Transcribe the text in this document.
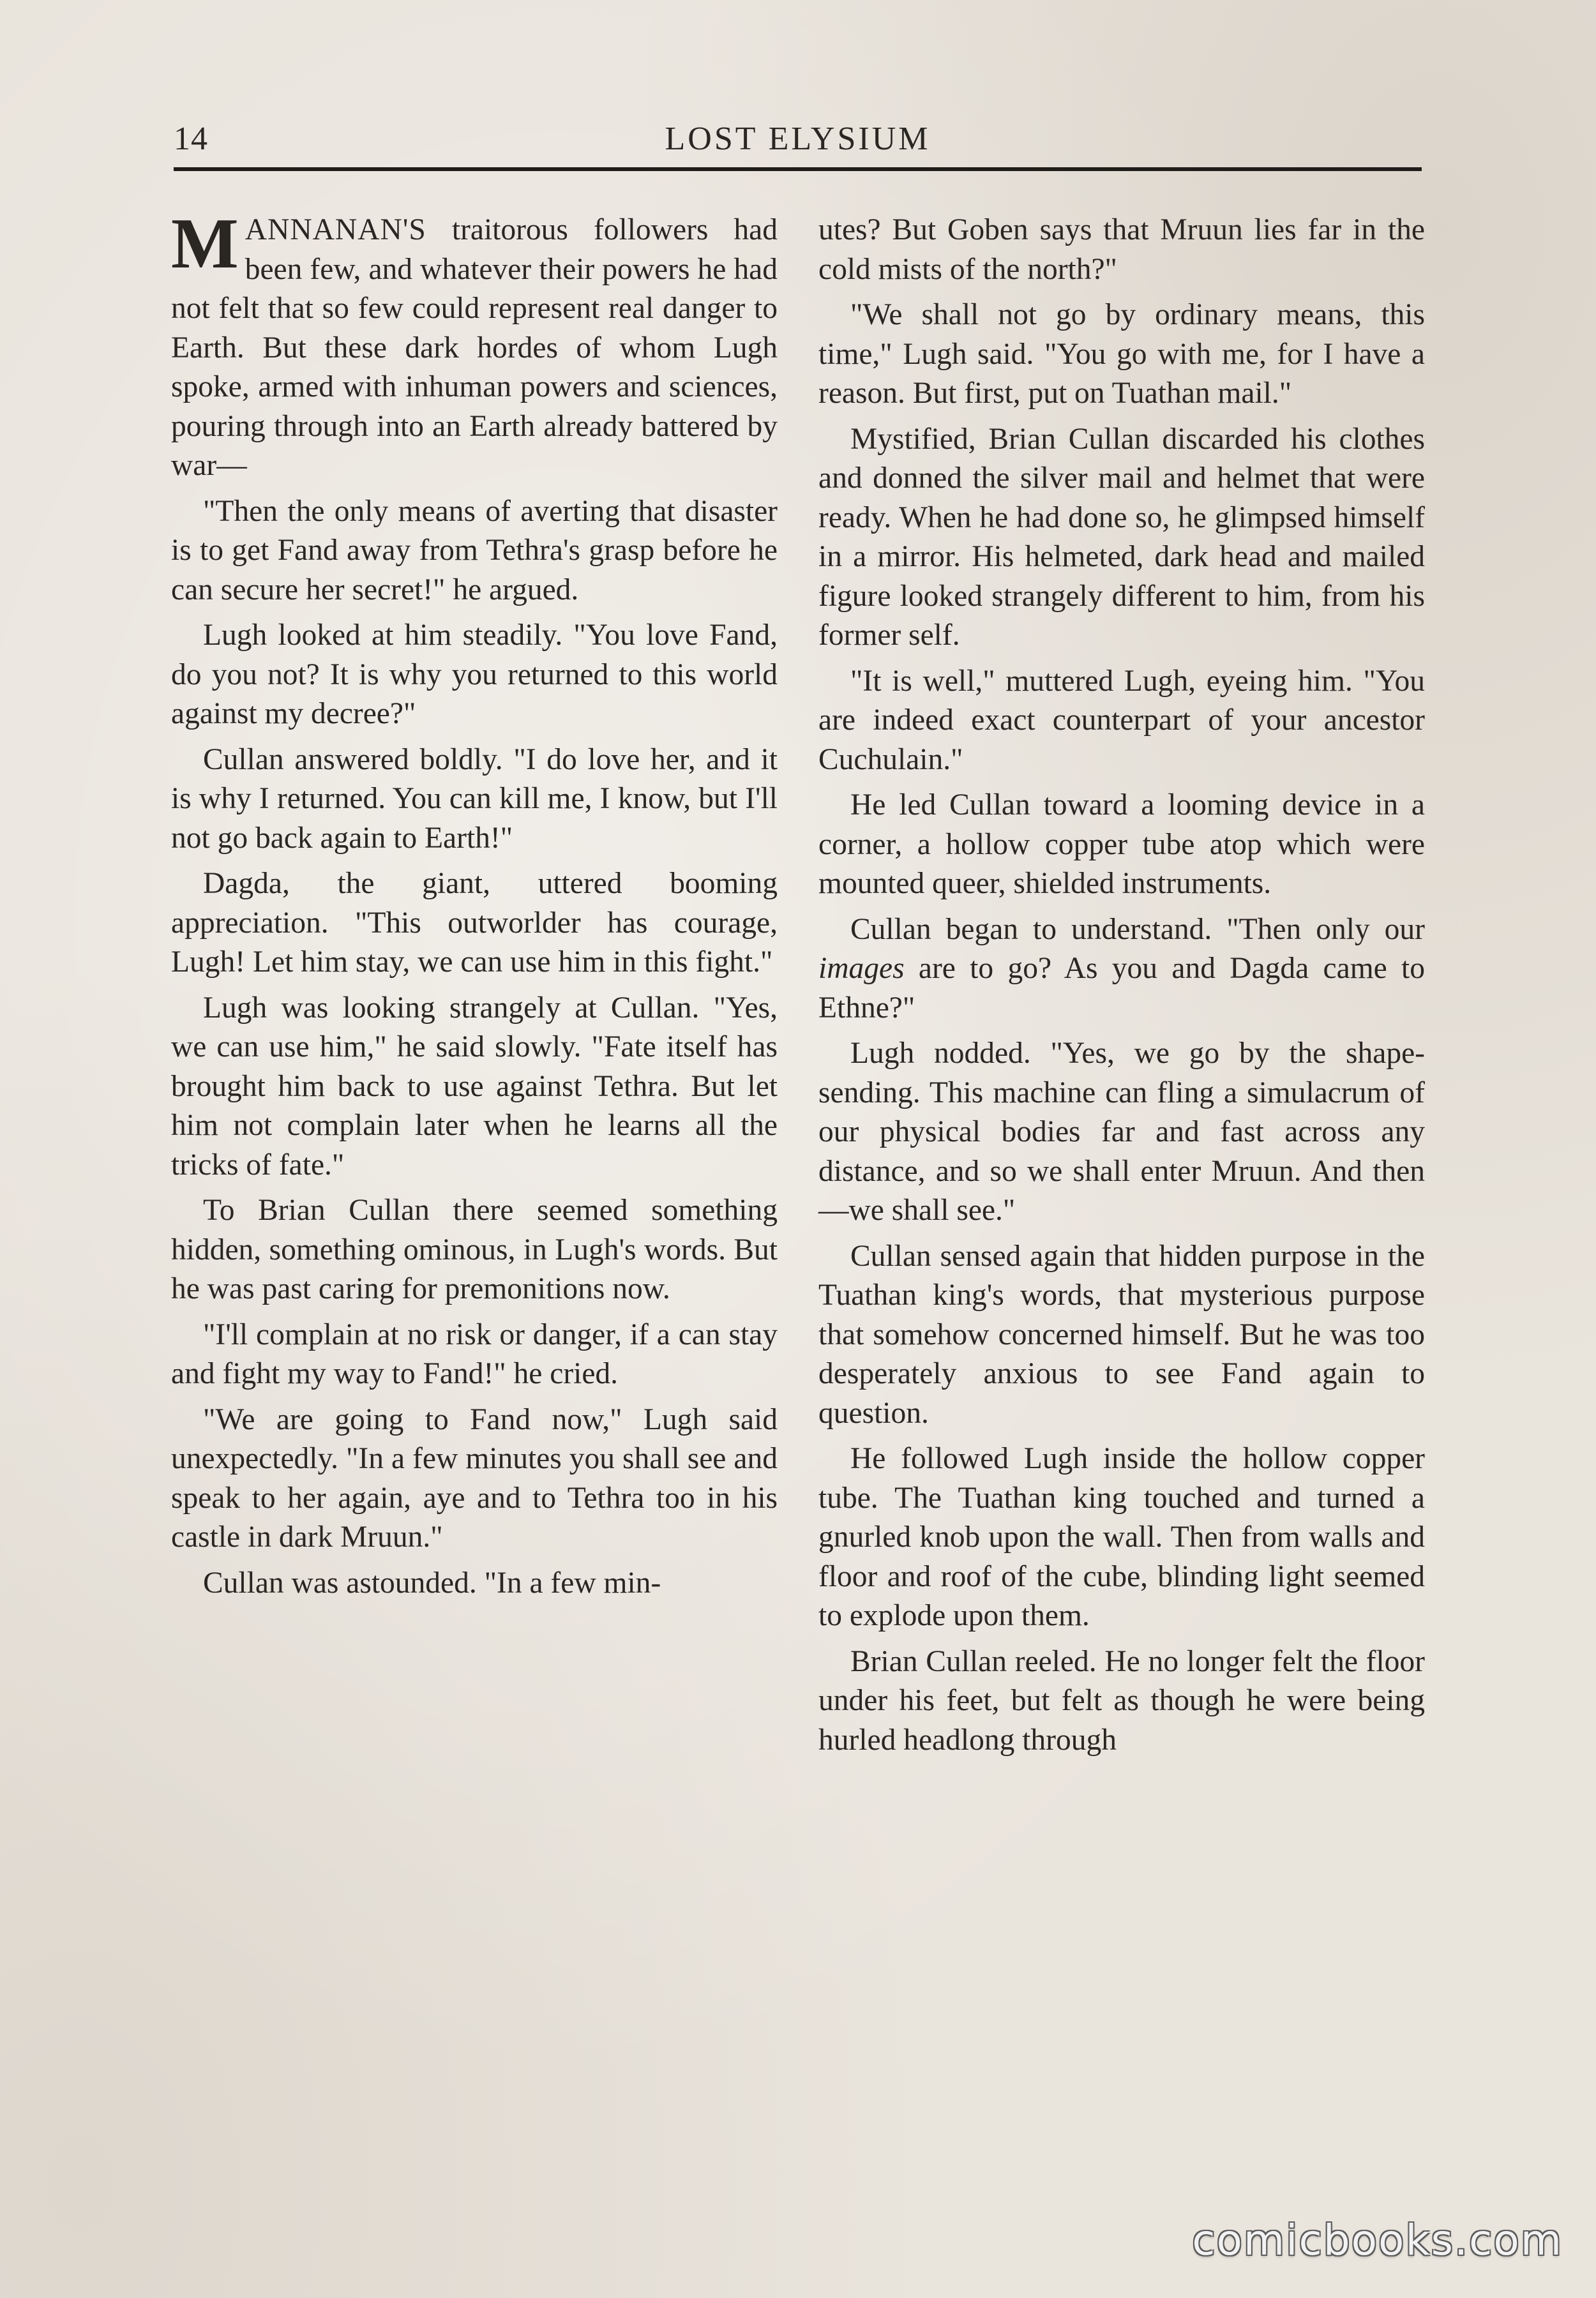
14	LOST ELYSIUM

MANNANAN'S traitorous followers had been few, and whatever their powers he had not felt that so few could represent real danger to Earth. But these dark hordes of whom Lugh spoke, armed with inhuman powers and sciences, pouring through into an Earth already battered by war—

"Then the only means of averting that disaster is to get Fand away from Tethra's grasp before he can secure her secret!" he argued.

Lugh looked at him steadily. "You love Fand, do you not? It is why you returned to this world against my decree?"

Cullan answered boldly. "I do love her, and it is why I returned. You can kill me, I know, but I'll not go back again to Earth!"

Dagda, the giant, uttered booming appreciation. "This outworlder has courage, Lugh! Let him stay, we can use him in this fight."

Lugh was looking strangely at Cullan. "Yes, we can use him," he said slowly. "Fate itself has brought him back to use against Tethra. But let him not complain later when he learns all the tricks of fate."

To Brian Cullan there seemed something hidden, something ominous, in Lugh's words. But he was past caring for premonitions now.

"I'll complain at no risk or danger, if a can stay and fight my way to Fand!" he cried.

"We are going to Fand now," Lugh said unexpectedly. "In a few minutes you shall see and speak to her again, aye and to Tethra too in his castle in dark Mruun."

Cullan was astounded. "In a few min-

utes? But Goben says that Mruun lies far in the cold mists of the north?"

"We shall not go by ordinary means, this time," Lugh said. "You go with me, for I have a reason. But first, put on Tuathan mail."

Mystified, Brian Cullan discarded his clothes and donned the silver mail and helmet that were ready. When he had done so, he glimpsed himself in a mirror. His helmeted, dark head and mailed figure looked strangely different to him, from his former self.

"It is well," muttered Lugh, eyeing him. "You are indeed exact counterpart of your ancestor Cuchulain."

He led Cullan toward a looming device in a corner, a hollow copper tube atop which were mounted queer, shielded instruments.

Cullan began to understand. "Then only our images are to go? As you and Dagda came to Ethne?"

Lugh nodded. "Yes, we go by the shape-sending. This machine can fling a simulacrum of our physical bodies far and fast across any distance, and so we shall enter Mruun. And then—we shall see."

Cullan sensed again that hidden purpose in the Tuathan king's words, that mysterious purpose that somehow concerned himself. But he was too desperately anxious to see Fand again to question.

He followed Lugh inside the hollow copper tube. The Tuathan king touched and turned a gnurled knob upon the wall. Then from walls and floor and roof of the cube, blinding light seemed to explode upon them.

Brian Cullan reeled. He no longer felt the floor under his feet, but felt as though he were being hurled headlong through

comicbooks.com
